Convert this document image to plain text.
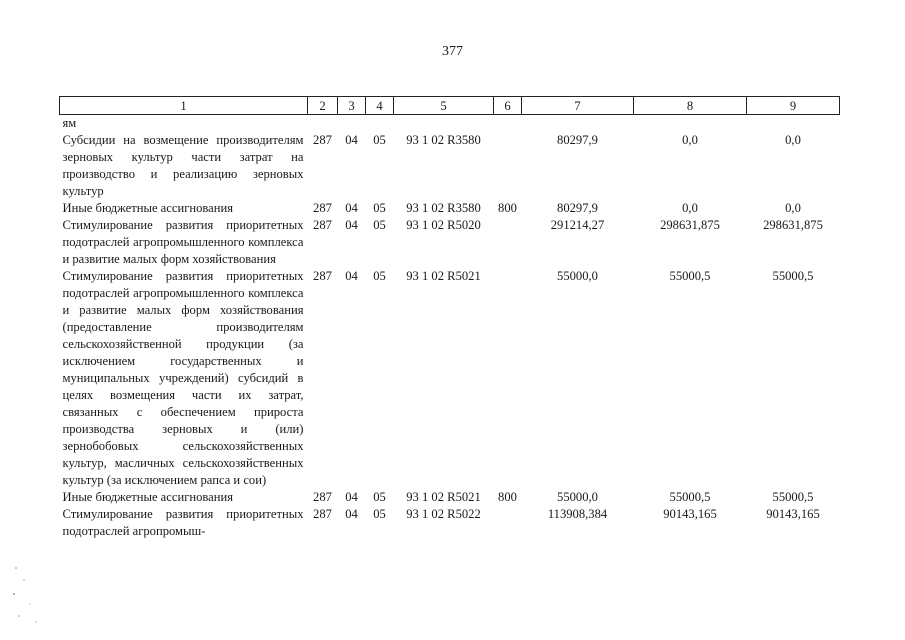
377
1	2	3	4	5	6	7	8	9
ям								
Субсидии на возмещение производителям зерновых культур части затрат на производство и реализацию зерновых культур	287	04	05	93 1 02 R3580		80297,9	0,0	0,0
Иные бюджетные ассигнования	287	04	05	93 1 02 R3580	800	80297,9	0,0	0,0
Стимулирование развития приоритетных подотраслей агропромышленного комплекса и развитие малых форм хозяйствования	287	04	05	93 1 02 R5020		291214,27	298631,875	298631,875
Стимулирование развития приоритетных подотраслей агропромышленного комплекса и развитие малых форм хозяйствования (предоставление производителям сельскохозяйственной продукции (за исключением государственных и муниципальных учреждений) субсидий в целях возмещения части их затрат, связанных с обеспечением прироста производства зерновых и (или) зернобобовых сельскохозяйственных культур, масличных сельскохозяйственных культур (за исключением рапса и сои)	287	04	05	93 1 02 R5021		55000,0	55000,5	55000,5
Иные бюджетные ассигнования	287	04	05	93 1 02 R5021	800	55000,0	55000,5	55000,5
Стимулирование развития приоритетных подотраслей агропромыш-	287	04	05	93 1 02 R5022		113908,384	90143,165	90143,165
